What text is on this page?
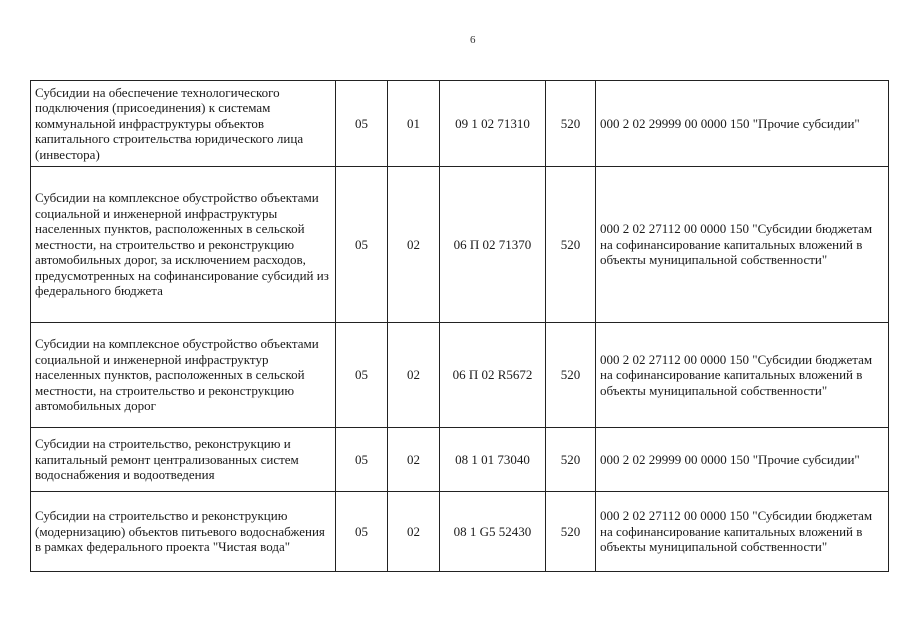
6
Субсидии на обеспечение технологического подключения (присоединения) к системам коммунальной инфраструктуры объектов капитального строительства юридического лица (инвестора)	05	01	09 1 02 71310	520	000 2 02 29999 00 0000 150 "Прочие субсидии"
Субсидии на комплексное обустройство объектами социальной и инженерной инфраструктуры населенных пунктов, расположенных в сельской местности, на строительство и реконструкцию автомобильных дорог, за исключением расходов, предусмотренных на софинансирование субсидий из федерального бюджета	05	02	06 П 02 71370	520	000 2 02 27112 00 0000 150 "Субсидии бюджетам на софинансирование капитальных вложений в объекты муниципальной собственности"
Субсидии на комплексное обустройство объектами социальной и инженерной инфраструктур населенных пунктов, расположенных в сельской местности, на строительство и реконструкцию автомобильных дорог	05	02	06 П 02 R5672	520	000 2 02 27112 00 0000 150 "Субсидии бюджетам на софинансирование капитальных вложений в объекты муниципальной собственности"
Субсидии на строительство, реконструкцию и капитальный ремонт централизованных систем водоснабжения и водоотведения	05	02	08 1 01 73040	520	000 2 02 29999 00 0000 150 "Прочие субсидии"
Субсидии на строительство и реконструкцию (модернизацию) объектов питьевого водоснабжения в рамках федерального проекта "Чистая вода"	05	02	08 1 G5 52430	520	000 2 02 27112 00 0000 150 "Субсидии бюджетам на софинансирование капитальных вложений в объекты муниципальной собственности"
